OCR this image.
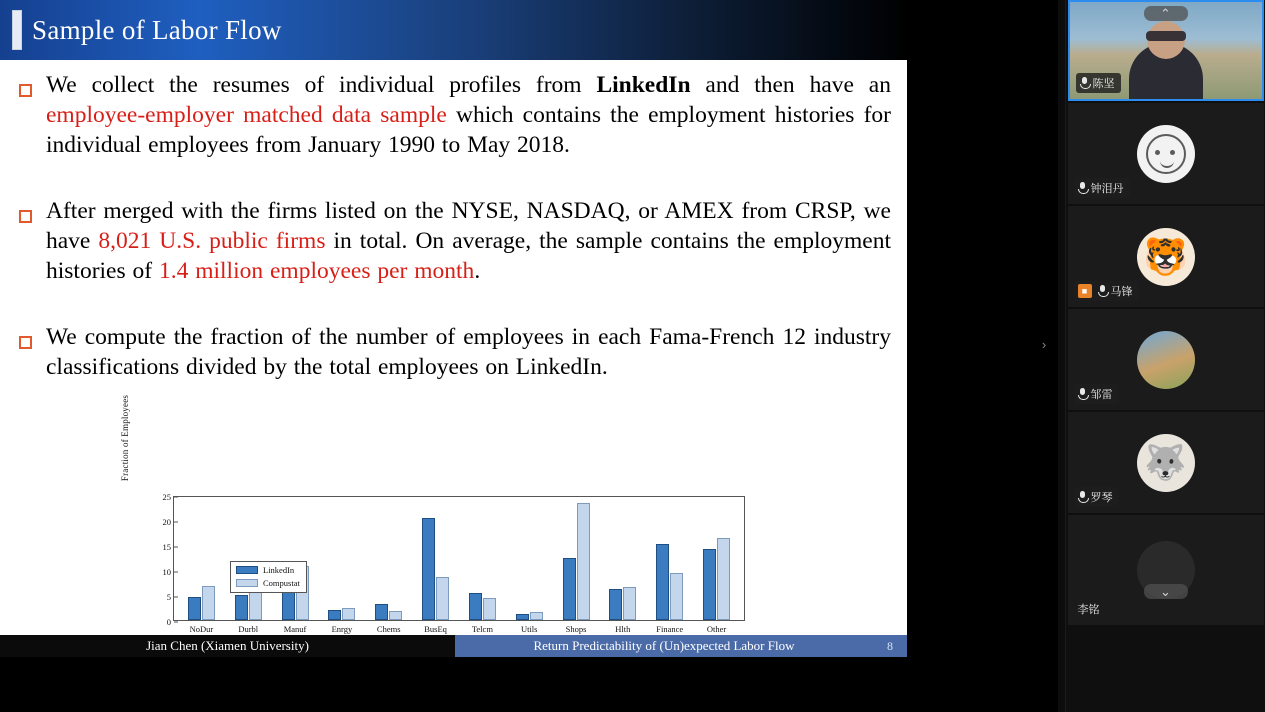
Sample of Labor Flow
We collect the resumes of individual profiles from LinkedIn and then have an employee-employer matched data sample which contains the employment histories for individual employees from January 1990 to May 2018.
After merged with the firms listed on the NYSE, NASDAQ, or AMEX from CRSP, we have 8,021 U.S. public firms in total. On average, the sample contains the employment histories of 1.4 million employees per month.
We compute the fraction of the number of employees in each Fama-French 12 industry classifications divided by the total employees on LinkedIn.
Fraction of Employees
NoDur	Durbl	Manuf	Enrgy	Chems	BusEq	Telcm	Utils	Shops	Hlth	Finance	Other
LinkedIn
Compustat
0
5
10
15
20
25
Jian Chen (Xiamen University)	Return Predictability of (Un)expected Labor Flow	8
›
⌃
陈坚
钟泪丹
🐯
■	马锋
邹雷
🐺
罗琴
⌄
李铭
